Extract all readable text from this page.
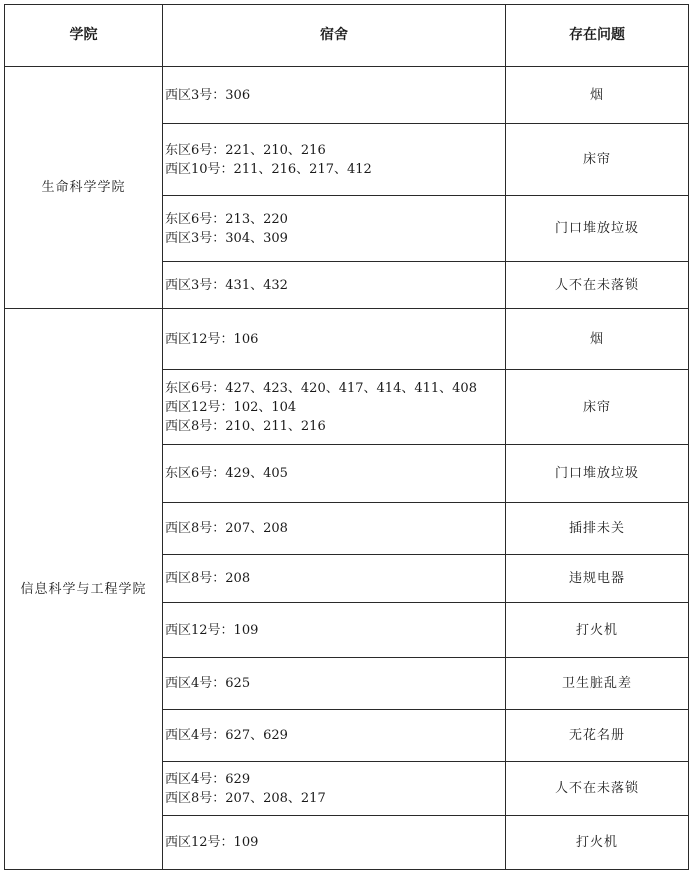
学院	宿舍	存在问题
生命科学学院	西区3号：306	烟

	东区6号：221、210、216
西区10号：211、216、217、412	床帘

	东区6号：213、220
西区3号：304、309	门口堆放垃圾

	西区3号：431、432	人不在未落锁
信息科学与工程学院	西区12号：106	烟

	东区6号：427、423、420、417、414、411、408
西区12号：102、104
西区8号：210、211、216	床帘

	东区6号：429、405	门口堆放垃圾

	西区8号：207、208	插排未关

	西区8号：208	违规电器

	西区12号：109	打火机

	西区4号：625	卫生脏乱差

	西区4号：627、629	无花名册

	西区4号：629
西区8号：207、208、217	人不在未落锁

	西区12号：109	打火机
